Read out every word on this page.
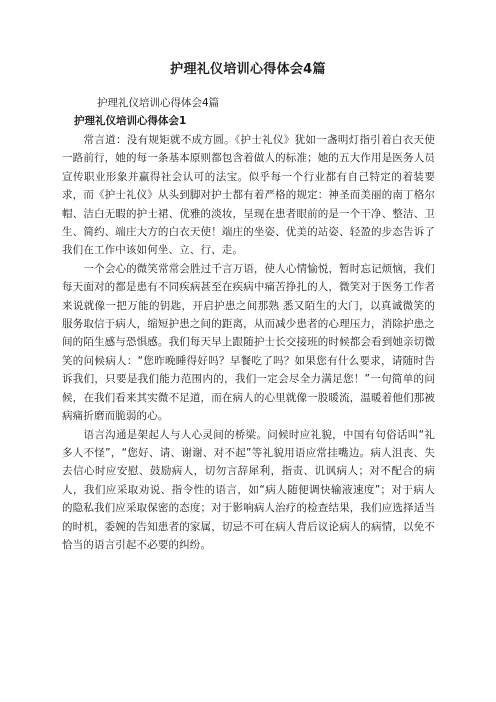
护理礼仪培训心得体会4篇
护理礼仪培训心得体会4篇
护理礼仪培训心得体会1

常言道：没有规矩就不成方圆。《护士礼仪》犹如一盏明灯指引着白衣天使一路前行，她的每一条基本原则都包含着做人的标准；她的五大作用是医务人员宣传职业形象并赢得社会认可的法宝。似乎每一个行业都有自己特定的着装要求，而《护士礼仪》从头到脚对护士都有着严格的规定：神圣而美丽的南丁格尔帽、洁白无暇的护士裙、优雅的淡妆，呈现在患者眼前的是一个干净、整洁、卫生、简约、端庄大方的白衣天使！端庄的坐姿、优美的站姿、轻盈的步态告诉了我们在工作中该如何坐、立、行、走。

一个会心的微笑常常会胜过千言万语，使人心情愉悦，暂时忘记烦恼，我们每天面对的都是患有不同疾病甚至在疾病中痛苦挣扎的人，微笑对于医务工作者来说就像一把万能的钥匙，开启护患之间那熟 悉又陌生的大门，以真诚微笑的服务取信于病人，缩短护患之间的距离，从而减少患者的心理压力，消除护患之间的陌生感与恐惧感。我们每天早上跟随护士长交接班的时候都会看到她亲切微笑的问候病人：“您昨晚睡得好吗？早餐吃了吗？如果您有什么要求，请随时告诉我们，只要是我们能力范围内的，我们一定会尽全力满足您！”一句简单的问候，在我们看来其实微不足道，而在病人的心里就像一股暖流，温暖着他们那被病痛折磨而脆弱的心。

语言沟通是架起人与人心灵间的桥梁。问候时应礼貌，中国有句俗话叫“礼多人不怪”，“您好、请、谢谢、对不起”等礼貌用语应常挂嘴边。病人沮丧、失去信心时应安慰、鼓励病人，切勿言辞犀利，指责、讥讽病人；对不配合的病人，我们应采取劝说、指令性的语言，如“病人随便调快输液速度”；对于病人的隐私我们应采取保密的态度；对于影响病人治疗的检查结果，我们应选择适当的时机，委婉的告知患者的家属，切忌不可在病人背后议论病人的病情，以免不恰当的语言引起不必要的纠纷。
